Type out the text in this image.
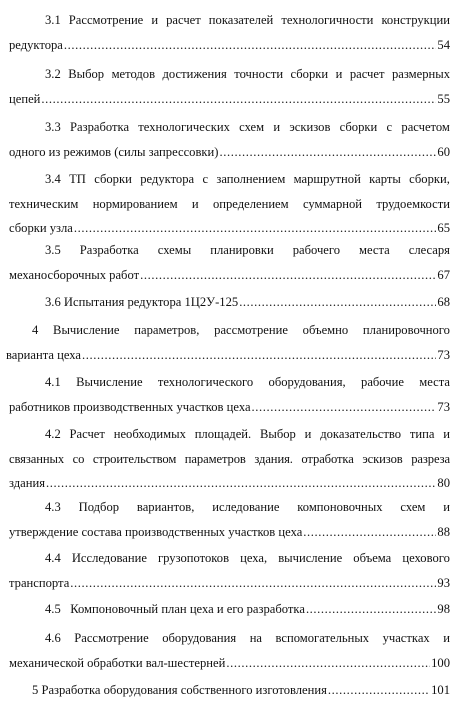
3.1 Рассмотрение и расчет показателей технологичности конструкции
редуктора .....	54
3.2 Выбор методов достижения точности сборки и расчет размерных
цепей .....	55
3.3 Разработка технологических схем и эскизов сборки с расчетом
одного из режимов (силы запрессовки) .....	60
3.4 ТП сборки редуктора с заполнением маршрутной карты сборки,
техническим нормированием и определением суммарной трудоемкости
сборки узла .....	65
3.5 Разработка схемы планировки рабочего места слесаря
механосборочных работ .....	67
3.6 Испытания редуктора 1Ц2У-125 .....	68
4 Вычисление параметров, рассмотрение объемно планировочного
варианта цеха .....	73
4.1 Вычисление технологического оборудования, рабочие места
работников производственных участков цеха .....	73
4.2 Расчет необходимых площадей. Выбор и доказательство типа и
связанных со строительством параметров здания. отработка эскизов разреза
здания .....	80
4.3 Подбор вариантов, иследование компоновочных схем и
утверждение состава производственных участков цеха .....	88
4.4 Исследование грузопотоков цеха, вычисление объема цехового
транспорта .....	93
4.5   Компоновочный план цеха и его разработка .....	98
4.6 Рассмотрение оборудования на вспомогательных участках и
механической обработки вал-шестерней .....	100
5 Разработка оборудования собственного изготовления .....	101
